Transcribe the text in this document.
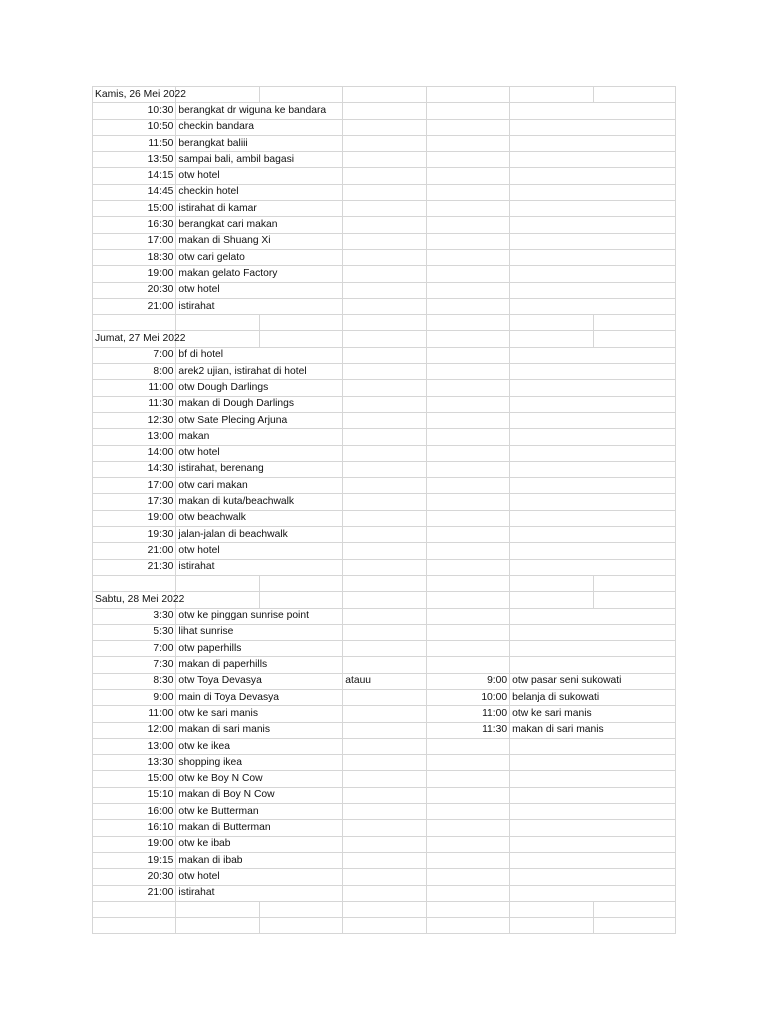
Kamis, 26 Mei 2022						
10:30	berangkat dr wiguna ke bandara					
10:50	checkin bandara					
11:50	berangkat baliii					
13:50	sampai bali, ambil bagasi					
14:15	otw hotel					
14:45	checkin hotel					
15:00	istirahat di kamar					
16:30	berangkat cari makan					
17:00	makan di Shuang Xi					
18:30	otw cari gelato					
19:00	makan gelato Factory					
20:30	otw hotel					
21:00	istirahat					

Jumat, 27 Mei 2022						
7:00	bf di hotel					
8:00	arek2 ujian, istirahat di hotel					
11:00	otw Dough Darlings					
11:30	makan di Dough Darlings					
12:30	otw Sate Plecing Arjuna					
13:00	makan					
14:00	otw hotel					
14:30	istirahat, berenang					
17:00	otw cari makan					
17:30	makan di kuta/beachwalk					
19:00	otw beachwalk					
19:30	jalan-jalan di beachwalk					
21:00	otw hotel					
21:30	istirahat					

Sabtu, 28 Mei 2022						
3:30	otw ke pinggan sunrise point					
5:30	lihat sunrise					
7:00	otw paperhills					
7:30	makan di paperhills					
8:30	otw Toya Devasya		atauu	9:00	otw pasar seni sukowati	
9:00	main di Toya Devasya			10:00	belanja di sukowati	
11:00	otw ke sari manis			11:00	otw ke sari manis	
12:00	makan di sari manis			11:30	makan di sari manis	
13:00	otw ke ikea					
13:30	shopping ikea					
15:00	otw ke Boy N Cow					
15:10	makan di Boy N Cow					
16:00	otw ke Butterman					
16:10	makan di Butterman					
19:00	otw ke ibab					
19:15	makan di ibab					
20:30	otw hotel					
21:00	istirahat					
